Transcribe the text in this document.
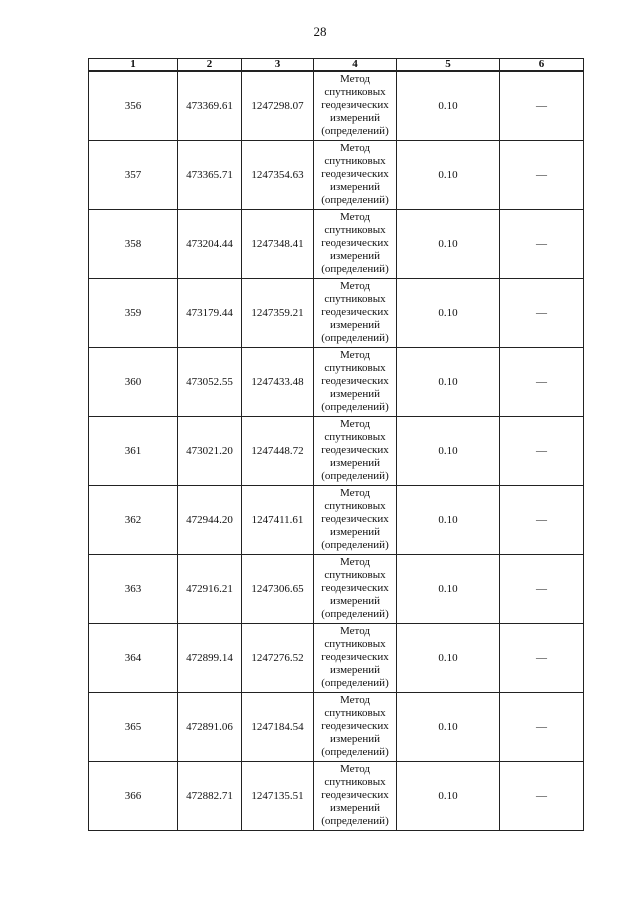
28
1	2	3	4	5	6
356	473369.61	1247298.07	Метод
спутниковых
геодезических
измерений
(определений)	0.10	—
357	473365.71	1247354.63	Метод
спутниковых
геодезических
измерений
(определений)	0.10	—
358	473204.44	1247348.41	Метод
спутниковых
геодезических
измерений
(определений)	0.10	—
359	473179.44	1247359.21	Метод
спутниковых
геодезических
измерений
(определений)	0.10	—
360	473052.55	1247433.48	Метод
спутниковых
геодезических
измерений
(определений)	0.10	—
361	473021.20	1247448.72	Метод
спутниковых
геодезических
измерений
(определений)	0.10	—
362	472944.20	1247411.61	Метод
спутниковых
геодезических
измерений
(определений)	0.10	—
363	472916.21	1247306.65	Метод
спутниковых
геодезических
измерений
(определений)	0.10	—
364	472899.14	1247276.52	Метод
спутниковых
геодезических
измерений
(определений)	0.10	—
365	472891.06	1247184.54	Метод
спутниковых
геодезических
измерений
(определений)	0.10	—
366	472882.71	1247135.51	Метод
спутниковых
геодезических
измерений
(определений)	0.10	—
